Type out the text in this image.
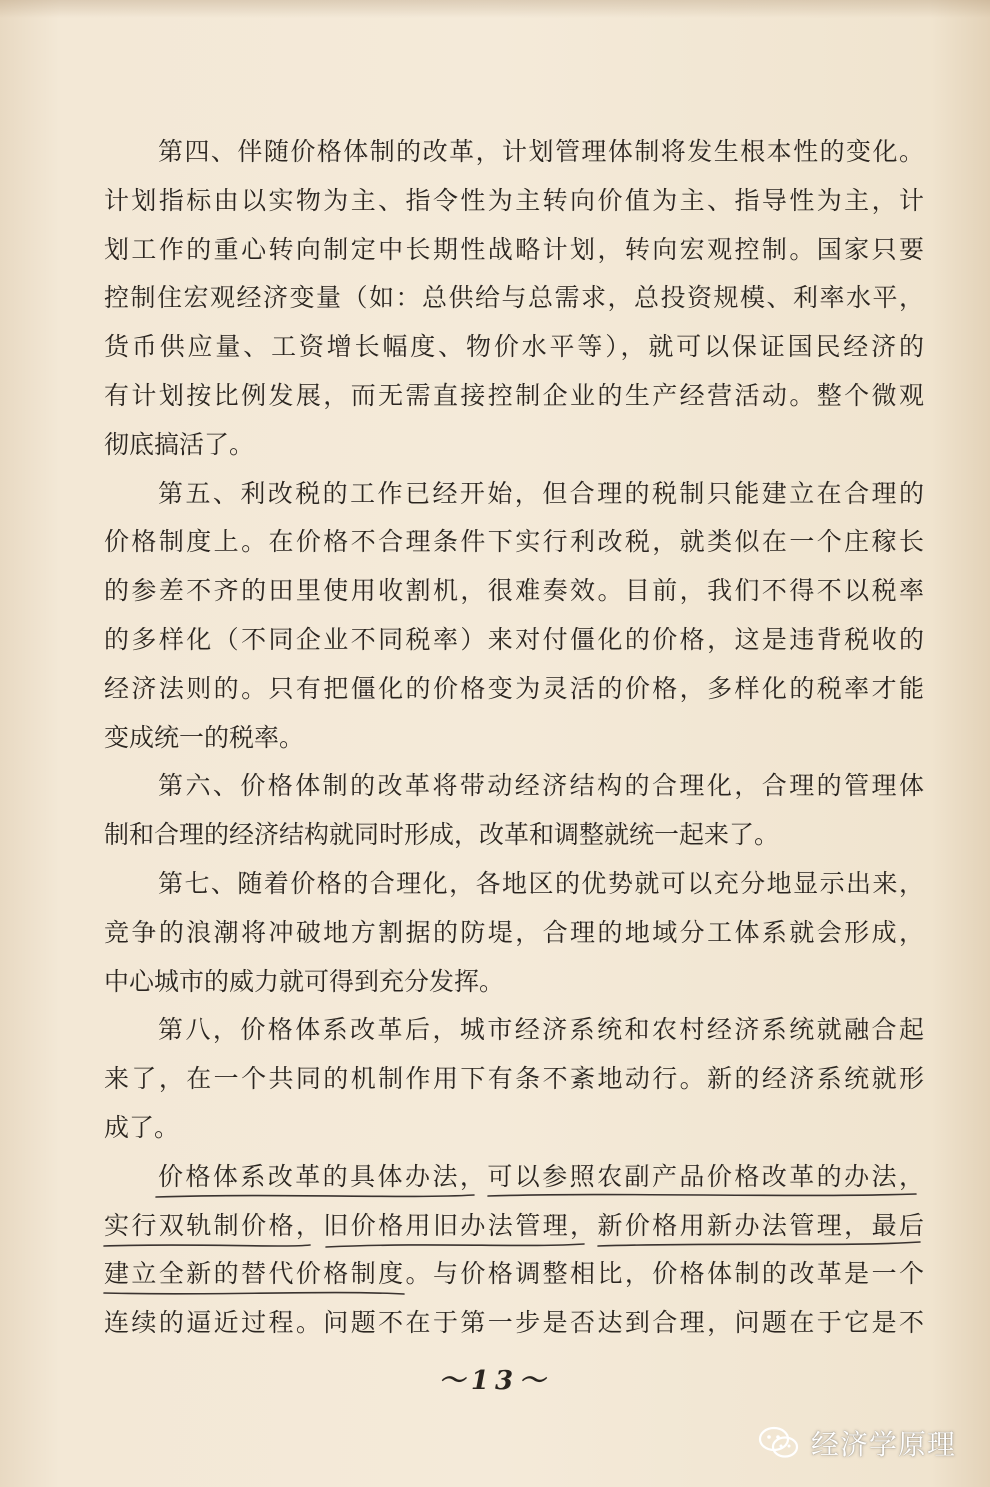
第四、伴随价格体制的改革，计划管理体制将发生根本性的变化。
计划指标由以实物为主、指令性为主转向价值为主、指导性为主，计
划工作的重心转向制定中长期性战略计划，转向宏观控制。国家只要
控制住宏观经济变量（如：总供给与总需求，总投资规模、利率水平，
货币供应量、工资增长幅度、物价水平等），就可以保证国民经济的
有计划按比例发展，而无需直接控制企业的生产经营活动。整个微观
彻底搞活了。
第五、利改税的工作已经开始，但合理的税制只能建立在合理的
价格制度上。在价格不合理条件下实行利改税，就类似在一个庄稼长
的参差不齐的田里使用收割机，很难奏效。目前，我们不得不以税率
的多样化（不同企业不同税率）来对付僵化的价格，这是违背税收的
经济法则的。只有把僵化的价格变为灵活的价格，多样化的税率才能
变成统一的税率。
第六、价格体制的改革将带动经济结构的合理化，合理的管理体
制和合理的经济结构就同时形成，改革和调整就统一起来了。
第七、随着价格的合理化，各地区的优势就可以充分地显示出来，
竞争的浪潮将冲破地方割据的防堤，合理的地域分工体系就会形成，
中心城市的威力就可得到充分发挥。
第八，价格体系改革后，城市经济系统和农村经济系统就融合起
来了，在一个共同的机制作用下有条不紊地动行。新的经济系统就形
成了。
价格体系改革的具体办法，可以参照农副产品价格改革的办法，
实行双轨制价格，旧价格用旧办法管理，新价格用新办法管理，最后
建立全新的替代价格制度。与价格调整相比，价格体制的改革是一个
连续的逼近过程。问题不在于第一步是否达到合理，问题在于它是不
～13～
经济学原理
